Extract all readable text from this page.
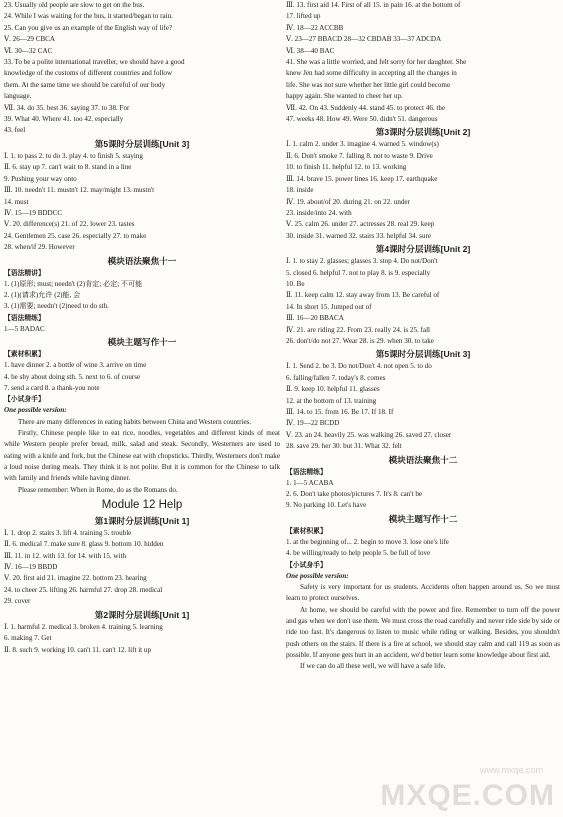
23. Usually old people are slow to get on the bus.
24. While I was waiting for the bus, it started/began to rain.
25. Can you give us an example of the English way of life?
Ⅴ. 26—29 CBCA
Ⅵ. 30—32 CAC
33. To be a polite international traveller, we should have a good
knowledge of the customs of different countries and follow
them. At the same time we should be careful of our body
language.
Ⅶ. 34. do 35. best 36. saying 37. to 38. For
39. What 40. Where 41. too 42. especially
43. feel
第5课时分层训练[Unit 3]
Ⅰ. 1. to pass 2. to do 3. play 4. to finish 5. staying
Ⅱ. 6. stay up 7. can't wait to 8. stand in a line
9. Pushing your way onto
Ⅲ. 10. needn't 11. mustn't 12. may/might 13. mustn't
14. must
Ⅳ. 15—19 BDDCC
Ⅴ. 20. difference(s) 21. of 22. lower 23. tastes
24. Gentlemen 25. case 26. especially 27. to make
28. when/if 29. However
模块语法聚焦十一
【语法精讲】
1. (1)原形; must; needn't (2)肯定; 必定; 不可能
2. (1)(请求)允许 (2)能, 会
3. (1)需要; needn't (2)need to do sth.
【语法精练】
1—5 BADAC
模块主题写作十一
【素材积累】
1. have dinner 2. a bottle of wine 3. arrive on time
4. be shy about doing sth. 5. next to 6. of course
7. send a card 8. a thank-you note
【小试身手】
One possible version:

There are many differences in eating habits between China and Western countries.

Firstly, Chinese people like to eat rice, noodles, vegetables and different kinds of meat while Western people prefer bread, milk, salad and steak. Secondly, Westerners are used to eating with a knife and fork, but the Chinese eat with chopsticks. Thirdly, Westerners don't make a loud noise during meals. They think it is not polite. But it is common for the Chinese to talk with family and friends while having dinner.

Please remember: When in Rome, do as the Romans do.

Module 12 Help
第1课时分层训练[Unit 1]
Ⅰ. 1. drop 2. stairs 3. lift 4. training 5. trouble
Ⅱ. 6. medical 7. make sure 8. glass 9. bottom 10. hidden
Ⅲ. 11. in 12. with 13. for 14. with 15. with
Ⅳ. 16—19 BBDD
Ⅴ. 20. first aid 21. imagine 22. bottom 23. hearing
24. to cheer 25. lifting 26. harmful 27. drop 28. medical
29. cover
第2课时分层训练[Unit 1]
Ⅰ. 1. harmful 2. medical 3. broken 4. training 5. learning
6. making 7. Get
Ⅱ. 8. such 9. working 10. can't 11. can't 12. lift it up
Ⅲ. 13. first aid 14. First of all 15. in pain 16. at the bottom of
17. lifted up
Ⅳ. 18—22 ACCBB
Ⅴ. 23—27 BBACD 28—32 CBDAB 33—37 ADCDA
Ⅵ. 38—40 BAC
41. She was a little worried, and felt sorry for her daughter. She
knew Jen had some difficulty in accepting all the changes in
life. She was not sure whether her little girl could become
happy again. She wanted to cheer her up.
Ⅶ. 42. On 43. Suddenly 44. stand 45. to protect 46. the
47. weeks 48. How 49. Were 50. didn't 51. dangerous
第3课时分层训练[Unit 2]
Ⅰ. 1. calm 2. under 3. imagine 4. warned 5. window(s)
Ⅱ. 6. Don't smoke 7. falling 8. not to waste 9. Drive
10. to finish 11. helpful 12. to 13. working
Ⅲ. 14. brave 15. power lines 16. keep 17. earthquake
18. inside
Ⅳ. 19. about/of 20. during 21. on 22. under
23. inside/into 24. with
Ⅴ. 25. calm 26. under 27. actresses 28. real 29. keep
30. inside 31. warned 32. stairs 33. helpful 34. sure
第4课时分层训练[Unit 2]
Ⅰ. 1. to stay 2. glasses; glasses 3. stop 4. Do not/Don't
5. closed 6. helpful 7. not to play 8. is 9. especially
10. Be
Ⅱ. 11. keep calm 12. stay away from 13. Be careful of
14. In short 15. Jumped out of
Ⅲ. 16—20 BBACA
Ⅳ. 21. are riding 22. From 23. really 24. is 25. fall
26. don't/do not 27. Wear 28. is 29. when 30. to take
第5课时分层训练[Unit 3]
Ⅰ. 1. Send 2. be 3. Do not/Don't 4. not open 5. to do
6. falling/fallen 7. today's 8. comes
Ⅱ. 9. keep 10. helpful 11. glasses
12. at the bottom of 13. training
Ⅲ. 14. to 15. from 16. Be 17. If 18. If
Ⅳ. 19—22 BCDD
Ⅴ. 23. an 24. heavily 25. was walking 26. saved 27. closer
28. save 29. her 30. but 31. What 32. felt
模块语法聚焦十二
【语法精练】
1. 1—5 ACABA
2. 6. Don't take photos/pictures 7. It's 8. can't be
9. No parking 10. Let's have
模块主题写作十二
【素材积累】
1. at the beginning of... 2. begin to move 3. lose one's life
4. be willing/ready to help people 5. be full of love
【小试身手】
One possible version:

Safety is very important for us students. Accidents often happen around us. So we must learn to protect ourselves.

At home, we should be careful with the power and fire. Remember to turn off the power and gas when we don't use them. We must cross the road carefully and never ride side by side or ride too fast. It's dangerous to listen to music while riding or walking. Besides, you shouldn't push others on the stairs. If there is a fire at school, we should stay calm and call 119 as soon as possible. If anyone gets hurt in an accident, we'd better learn some knowledge about first aid.

If we can do all these well, we will have a safe life.

www.mxqe.com
MXQE.COM
